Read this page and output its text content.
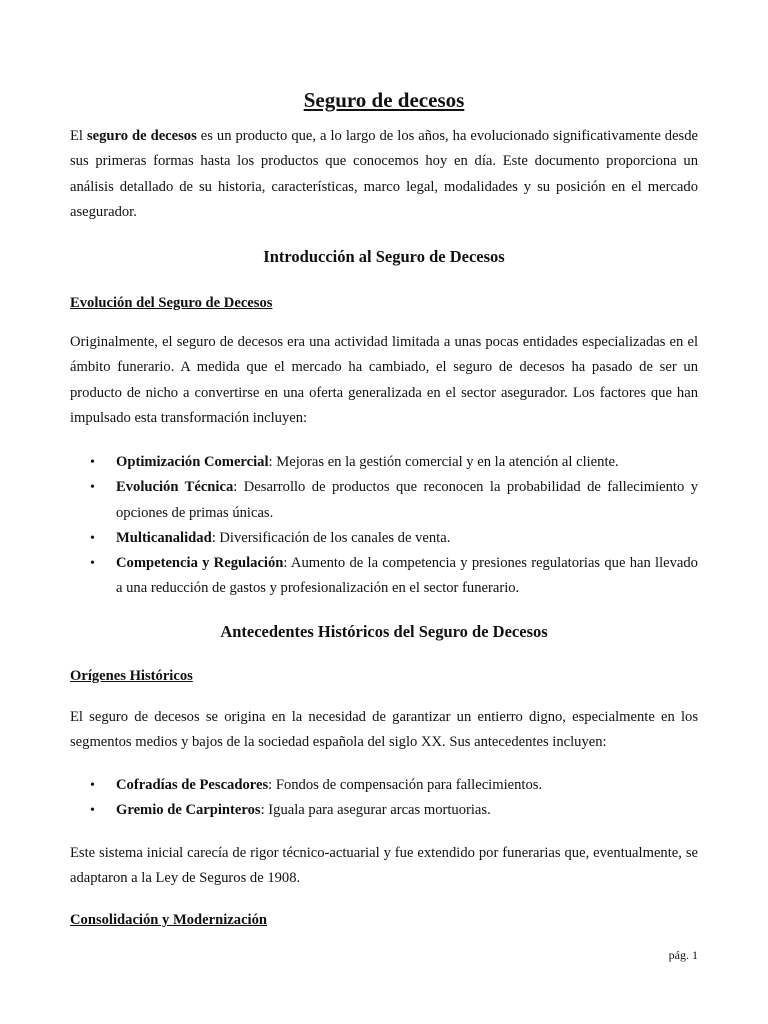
Seguro de decesos

El seguro de decesos es un producto que, a lo largo de los años, ha evolucionado significativamente desde sus primeras formas hasta los productos que conocemos hoy en día. Este documento proporciona un análisis detallado de su historia, características, marco legal, modalidades y su posición en el mercado asegurador.

Introducción al Seguro de Decesos
Evolución del Seguro de Decesos

Originalmente, el seguro de decesos era una actividad limitada a unas pocas entidades especializadas en el ámbito funerario. A medida que el mercado ha cambiado, el seguro de decesos ha pasado de ser un producto de nicho a convertirse en una oferta generalizada en el sector asegurador. Los factores que han impulsado esta transformación incluyen:

• Optimización Comercial: Mejoras en la gestión comercial y en la atención al cliente.
• Evolución Técnica: Desarrollo de productos que reconocen la probabilidad de fallecimiento y opciones de primas únicas.
• Multicanalidad: Diversificación de los canales de venta.
• Competencia y Regulación: Aumento de la competencia y presiones regulatorias que han llevado a una reducción de gastos y profesionalización en el sector funerario.
Antecedentes Históricos del Seguro de Decesos
Orígenes Históricos

El seguro de decesos se origina en la necesidad de garantizar un entierro digno, especialmente en los segmentos medios y bajos de la sociedad española del siglo XX. Sus antecedentes incluyen:

• Cofradías de Pescadores: Fondos de compensación para fallecimientos.
• Gremio de Carpinteros: Iguala para asegurar arcas mortuorias.

Este sistema inicial carecía de rigor técnico-actuarial y fue extendido por funerarias que, eventualmente, se adaptaron a la Ley de Seguros de 1908.

Consolidación y Modernización

pág. 1
